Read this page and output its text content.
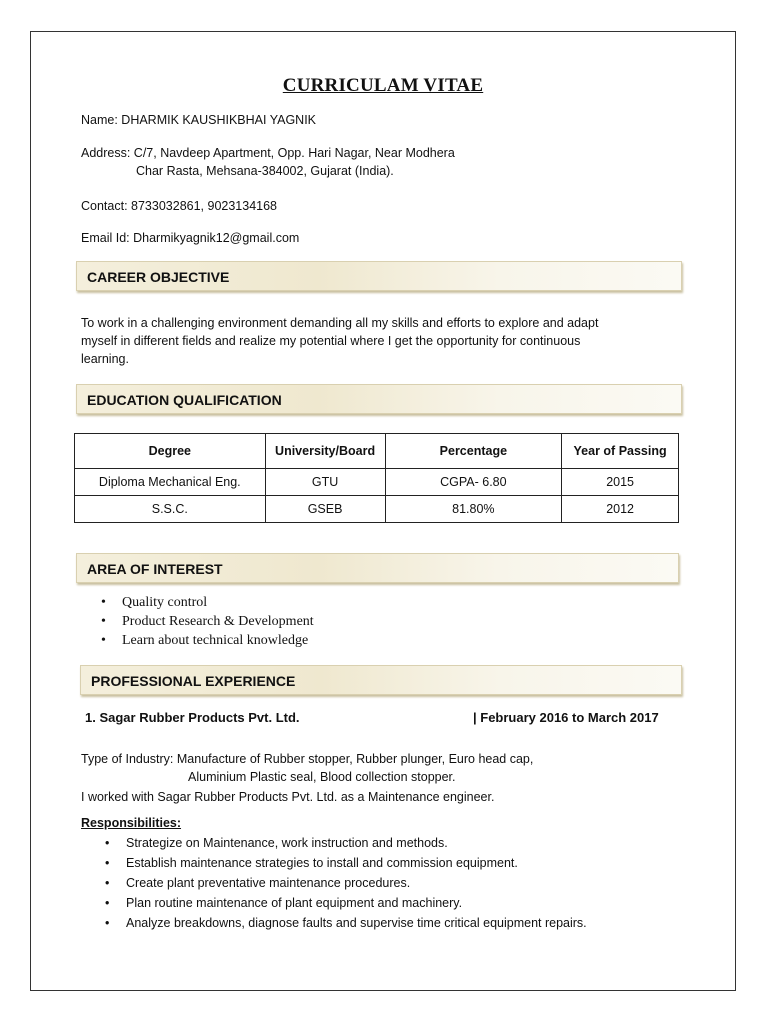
CURRICULAM VITAE
Name: DHARMIK KAUSHIKBHAI YAGNIK
Address: C/7, Navdeep Apartment, Opp. Hari Nagar, Near Modhera
Char Rasta, Mehsana-384002, Gujarat (India).
Contact: 8733032861, 9023134168
Email Id: Dharmikyagnik12@gmail.com
CAREER OBJECTIVE
To work in a challenging environment demanding all my skills and efforts to explore and adapt
myself in different fields and realize my potential where I get the opportunity for continuous
learning.
EDUCATION QUALIFICATION
Degree	University/Board	Percentage	Year of Passing
Diploma Mechanical Eng.	GTU	CGPA- 6.80	2015
S.S.C.	GSEB	81.80%	2012
AREA OF INTEREST
• Quality control
• Product Research & Development
• Learn about technical knowledge
PROFESSIONAL EXPERIENCE
1. Sagar Rubber Products Pvt. Ltd.	| February 2016 to March 2017
Type of Industry: Manufacture of Rubber stopper, Rubber plunger, Euro head cap,
Aluminium Plastic seal, Blood collection stopper.
I worked with Sagar Rubber Products Pvt. Ltd. as a Maintenance engineer.
Responsibilities:
• Strategize on Maintenance, work instruction and methods.
• Establish maintenance strategies to install and commission equipment.
• Create plant preventative maintenance procedures.
• Plan routine maintenance of plant equipment and machinery.
• Analyze breakdowns, diagnose faults and supervise time critical equipment repairs.
